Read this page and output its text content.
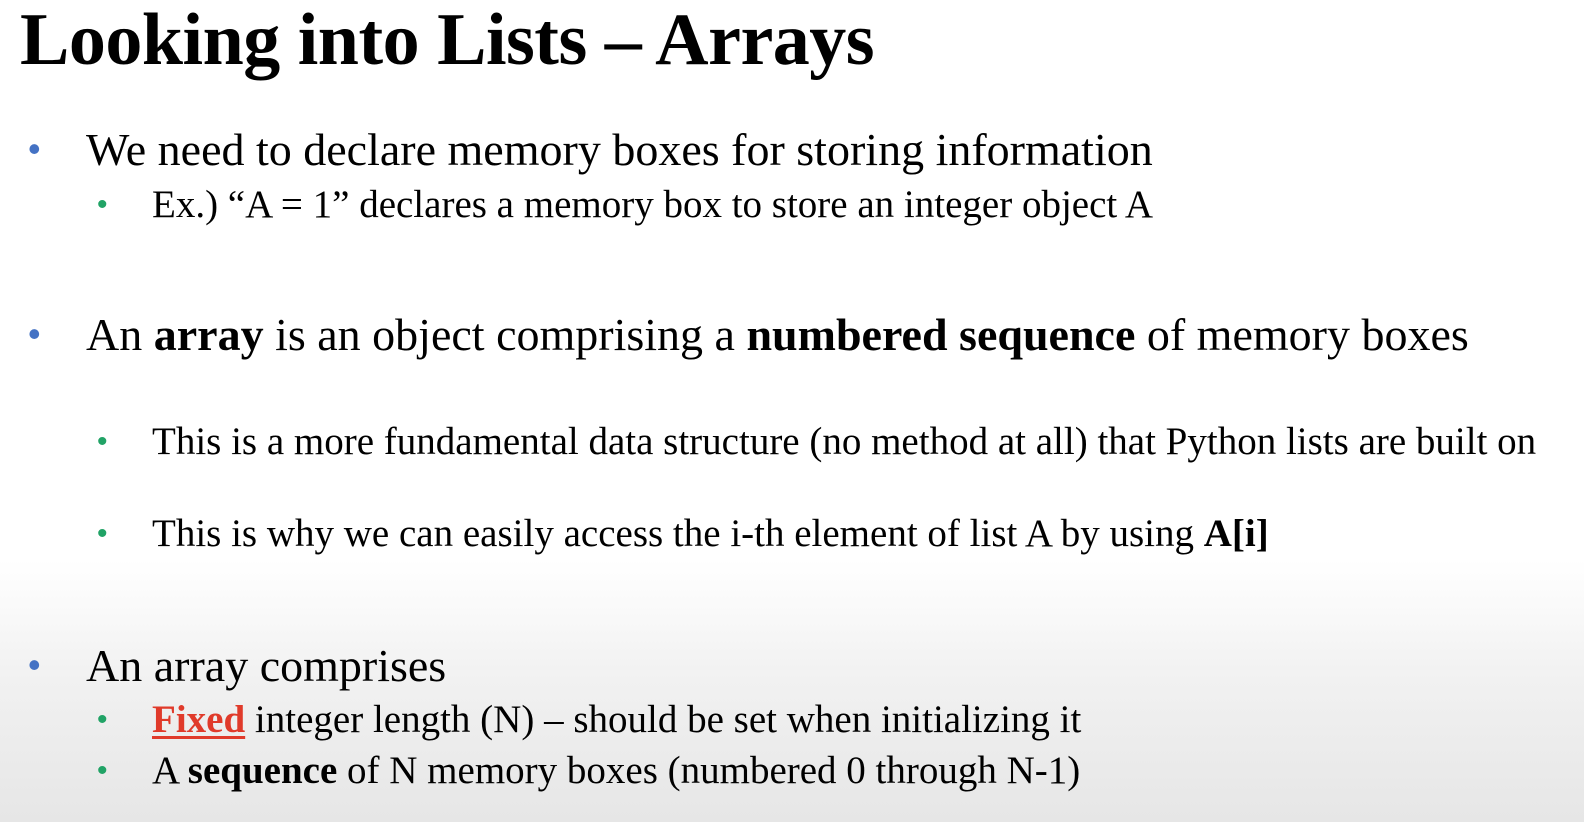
Looking into Lists – Arrays
• We need to declare memory boxes for storing information
• Ex.) “A = 1” declares a memory box to store an integer object A
• An array is an object comprising a numbered sequence of memory boxes
• This is a more fundamental data structure (no method at all) that Python lists are built on
• This is why we can easily access the i-th element of list A by using A[i]
• An array comprises
• Fixed integer length (N) – should be set when initializing it
• A sequence of N memory boxes (numbered 0 through N-1)
